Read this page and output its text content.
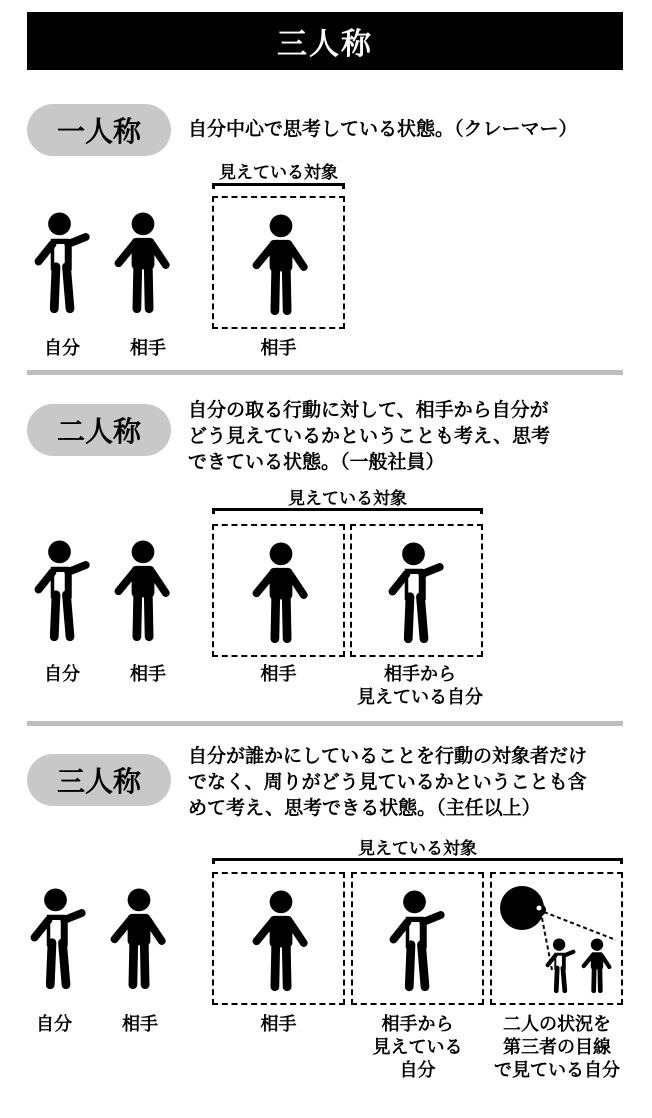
三人称
一人称	自分中心で思考している状態。（クレーマー）
見えている対象
自分	相手	相手
二人称
自分の取る行動に対して、相手から自分が
どう見えているかということも考え、思考
できている状態。（一般社員）
見えている対象
自分	相手	相手	相手から
見えている自分
三人称
自分が誰かにしていることを行動の対象者だけ
でなく、周りがどう見ているかということも含
めて考え、思考できる状態。（主任以上）
見えている対象
自分	相手	相手	相手から
見えている
自分
二人の状況を
第三者の目線
で見ている自分
